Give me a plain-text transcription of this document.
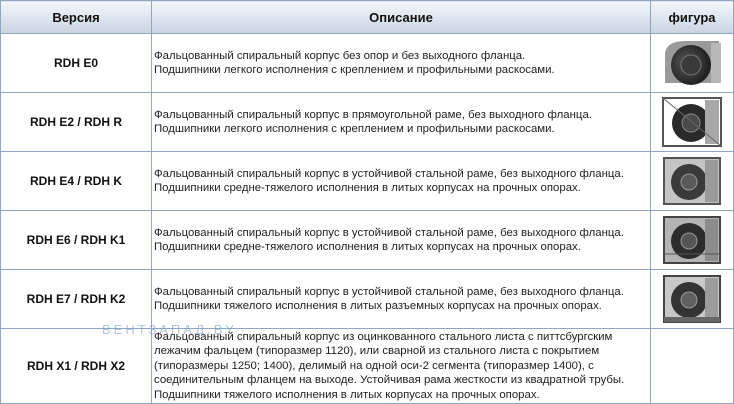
Версия	Описание	фигура
RDH E0	Фальцованный спиральный корпус без опор и без выходного фланца.
Подшипники легкого исполнения с креплением и профильными раскосами.

RDH E2 / RDH R	Фальцованный спиральный корпус в прямоугольной раме, без выходного фланца.
Подшипники легкого исполнения с креплением и профильными раскосами.

RDH E4 / RDH K	Фальцованный спиральный корпус в устойчивой стальной раме, без выходного фланца.
Подшипники средне-тяжелого исполнения в литых корпусах на прочных опорах.

RDH E6 / RDH K1	Фальцованный спиральный корпус в устойчивой стальной раме, без выходного фланца.
Подшипники средне-тяжелого исполнения в литых корпусах на прочных опорах.

RDH E7 / RDH K2	Фальцованный спиральный корпус в устойчивой стальной раме, без выходного фланца.
Подшипники тяжелого исполнения в литых разъемных корпусах на прочных опорах.

RDH X1 / RDH X2	Фальцованный спиральный корпус из оцинкованного стального листа с питтсбургским
лежачим фальцем (типоразмер 1120), или сварной из стального листа с покрытием
(типоразмеры 1250; 1400), делимый на одной оси-2 сегмента (типоразмер 1400), с
соединительным фланцем на выходе. Устойчивая рама жесткости из квадратной трубы.
Подшипники тяжелого исполнения в литых корпусах на прочных опорах.	

ВЕНТЗАПАД.BY
